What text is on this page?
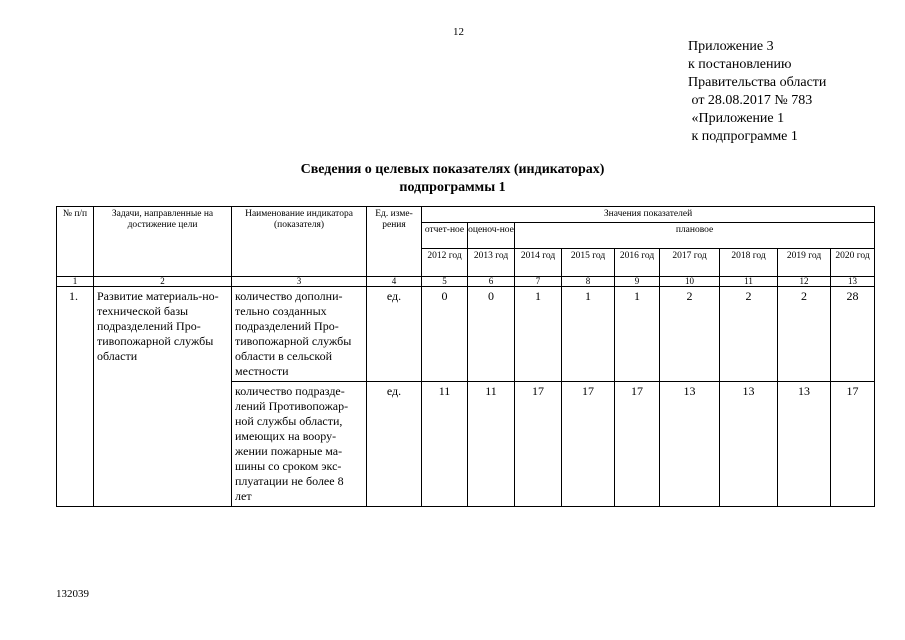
12
Приложение 3
к постановлению
Правительства области
от 28.08.2017 № 783
«Приложение 1
к подпрограмме 1
Сведения о целевых показателях (индикаторах)
подпрограммы 1
№ п/п	Задачи, направленные на достижение цели	Наименование индикатора (показателя)	Ед. изме-рения	Значения показателей								
				отчет-ное	оценоч-ное	плановое						
				2012 год	2013 год	2014 год	2015 год	2016 год	2017 год	2018 год	2019 год	2020 год
1	2	3	4	5	6	7	8	9	10	11	12	13
1.	Развитие материаль-но-технической базы подразделений Про-тивопожарной службы области	количество дополни-тельно созданных подразделений Про-тивопожарной службы области в сельской местности	ед.	0	0	1	1	1	2	2	2	28
		количество подразде-лений Противопожар-ной службы области, имеющих на воору-жении пожарные ма-шины со сроком экс-плуатации не более 8 лет	ед.	11	11	17	17	17	13	13	13	17
132039
